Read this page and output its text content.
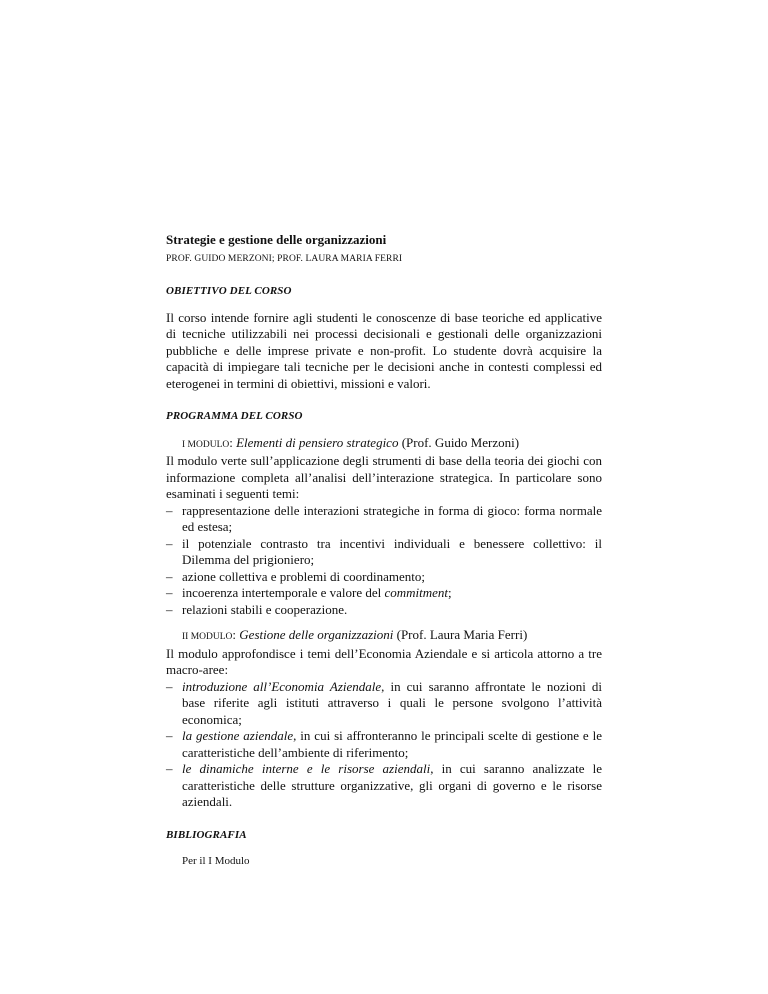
Strategie e gestione delle organizzazioni
PROF. GUIDO MERZONI; PROF. LAURA MARIA FERRI
OBIETTIVO DEL CORSO

Il corso intende fornire agli studenti le conoscenze di base teoriche ed applicative di tecniche utilizzabili nei processi decisionali e gestionali delle organizzazioni pubbliche e delle imprese private e non-profit. Lo studente dovrà acquisire la capacità di impiegare tali tecniche per le decisioni anche in contesti complessi ed eterogenei in termini di obiettivi, missioni e valori.

PROGRAMMA DEL CORSO
I MODULO: Elementi di pensiero strategico (Prof. Guido Merzoni)

Il modulo verte sull’applicazione degli strumenti di base della teoria dei giochi con informazione completa all’analisi dell’interazione strategica. In particolare sono esaminati i seguenti temi:

– rappresentazione delle interazioni strategiche in forma di gioco: forma normale ed estesa;
– il potenziale contrasto tra incentivi individuali e benessere collettivo: il Dilemma del prigioniero;
– azione collettiva e problemi di coordinamento;
– incoerenza intertemporale e valore del commitment;
– relazioni stabili e cooperazione.
II MODULO: Gestione delle organizzazioni (Prof. Laura Maria Ferri)

Il modulo approfondisce i temi dell’Economia Aziendale e si articola attorno a tre macro-aree:

– introduzione all’Economia Aziendale, in cui saranno affrontate le nozioni di base riferite agli istituti attraverso i quali le persone svolgono l’attività economica;
– la gestione aziendale, in cui si affronteranno le principali scelte di gestione e le caratteristiche dell’ambiente di riferimento;
– le dinamiche interne e le risorse aziendali, in cui saranno analizzate le caratteristiche delle strutture organizzative, gli organi di governo e le risorse aziendali.
BIBLIOGRAFIA

Per il I Modulo
